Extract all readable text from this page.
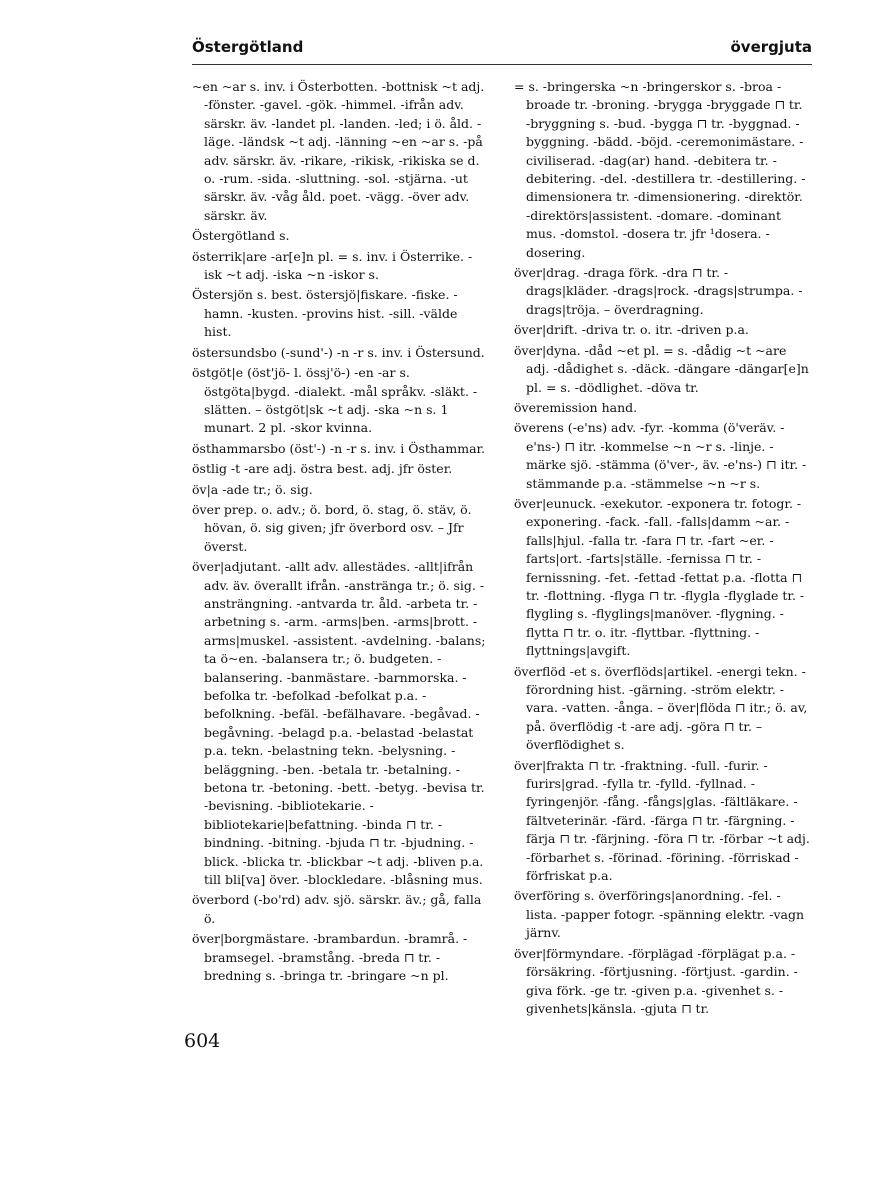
Östergötland	övergjuta

~en ~ar s. inv. i Österbotten. -bottnisk ~t adj. -fönster. -gavel. -gök. -himmel. -ifrån adv. särskr. äv. -landet pl. -landen. -led; i ö. åld. -läge. -ländsk ~t adj. -länning ~en ~ar s. -på adv. särskr. äv. -rikare, -rikisk, -rikiska se d. o. -rum. -sida. -sluttning. -sol. -stjärna. -ut särskr. äv. -våg åld. poet. -vägg. -över adv. särskr. äv.

Östergötland s.

österrik|are -ar[e]n pl. = s. inv. i Österrike. -isk ~t adj. -iska ~n -iskor s.

Östersjön s. best. östersjö|fiskare. -fiske. -hamn. -kusten. -provins hist. -sill. -välde hist.

östersundsbo (-sund'-) -n -r s. inv. i Östersund.

östgöt|e (öst'jö- l. össj'ö-) -en -ar s. östgöta|bygd. -dialekt. -mål språkv. -släkt. -slätten. – östgöt|sk ~t adj. -ska ~n s. 1 munart. 2 pl. -skor kvinna.

östhammarsbo (öst'-) -n -r s. inv. i Östhammar.

östlig -t -are adj. östra best. adj. jfr öster.

öv|a -ade tr.; ö. sig.

över prep. o. adv.; ö. bord, ö. stag, ö. stäv, ö. hövan, ö. sig given; jfr överbord osv. – Jfr överst.

över|adjutant. -allt adv. allestädes. -allt|ifrån adv. äv. överallt ifrån. -anstränga tr.; ö. sig. -ansträngning. -antvarda tr. åld. -arbeta tr. -arbetning s. -arm. -arms|ben. -arms|brott. -arms|muskel. -assistent. -avdelning. -balans; ta ö~en. -balansera tr.; ö. budgeten. -balansering. -banmästare. -barnmorska. -befolka tr. -befolkad -befolkat p.a. -befolkning. -befäl. -befälhavare. -begåvad. -begåvning. -belagd p.a. -belastad -belastat p.a. tekn. -belastning tekn. -belysning. -beläggning. -ben. -betala tr. -betalning. -betona tr. -betoning. -bett. -betyg. -bevisa tr. -bevisning. -bibliotekarie. -bibliotekarie|befattning. -binda ⊓ tr. -bindning. -bitning. -bjuda ⊓ tr. -bjudning. -blick. -blicka tr. -blickbar ~t adj. -bliven p.a. till bli[va] över. -blockledare. -blåsning mus.

överbord (-bo'rd) adv. sjö. särskr. äv.; gå, falla ö.

över|borgmästare. -brambardun. -bramrå. -bramsegel. -bramstång. -breda ⊓ tr. -bredning s. -bringa tr. -bringare ~n pl.

= s. -bringerska ~n -bringerskor s. -broa -broade tr. -broning. -brygga -bryggade ⊓ tr. -bryggning s. -bud. -bygga ⊓ tr. -byggnad. -byggning. -bädd. -böjd. -ceremonimästare. -civiliserad. -dag(ar) hand. -debitera tr. -debitering. -del. -destillera tr. -destillering. -dimensionera tr. -dimensionering. -direktör. -direktörs|assistent. -domare. -dominant mus. -domstol. -dosera tr. jfr ¹dosera. -dosering.

över|drag. -draga förk. -dra ⊓ tr. -drags|kläder. -drags|rock. -drags|strumpa. -drags|tröja. – överdragning.

över|drift. -driva tr. o. itr. -driven p.a.

över|dyna. -dåd ~et pl. = s. -dådig ~t ~are adj. -dådighet s. -däck. -dängare -dängar[e]n pl. = s. -dödlighet. -döva tr.

överemission hand.

överens (-e'ns) adv. -fyr. -komma (ö'veräv. -e'ns-) ⊓ itr. -kommelse ~n ~r s. -linje. -märke sjö. -stämma (ö'ver-, äv. -e'ns-) ⊓ itr. -stämmande p.a. -stämmelse ~n ~r s.

över|eunuck. -exekutor. -exponera tr. fotogr. -exponering. -fack. -fall. -falls|damm ~ar. -falls|hjul. -falla tr. -fara ⊓ tr. -fart ~er. -farts|ort. -farts|ställe. -fernissa ⊓ tr. -fernissning. -fet. -fettad -fettat p.a. -flotta ⊓ tr. -flottning. -flyga ⊓ tr. -flygla -flyglade tr. -flygling s. -flyglings|manöver. -flygning. -flytta ⊓ tr. o. itr. -flyttbar. -flyttning. -flyttnings|avgift.

överflöd -et s. överflöds|artikel. -energi tekn. -förordning hist. -gärning. -ström elektr. -vara. -vatten. -ånga. – över|flöda ⊓ itr.; ö. av, på. överflödig -t -are adj. -göra ⊓ tr. – överflödighet s.

över|frakta ⊓ tr. -fraktning. -full. -furir. -furirs|grad. -fylla tr. -fylld. -fyllnad. -fyringenjör. -fång. -fångs|glas. -fältläkare. -fältveterinär. -färd. -färga ⊓ tr. -färgning. -färja ⊓ tr. -färjning. -föra ⊓ tr. -förbar ~t adj. -förbarhet s. -förinad. -förining. -förriskad -förfriskat p.a.

överföring s. överförings|anordning. -fel. -lista. -papper fotogr. -spänning elektr. -vagn järnv.

över|förmyndare. -förplägad -förplägat p.a. -försäkring. -förtjusning. -förtjust. -gardin. -giva förk. -ge tr. -given p.a. -givenhet s. -givenhets|känsla. -gjuta ⊓ tr.

604
